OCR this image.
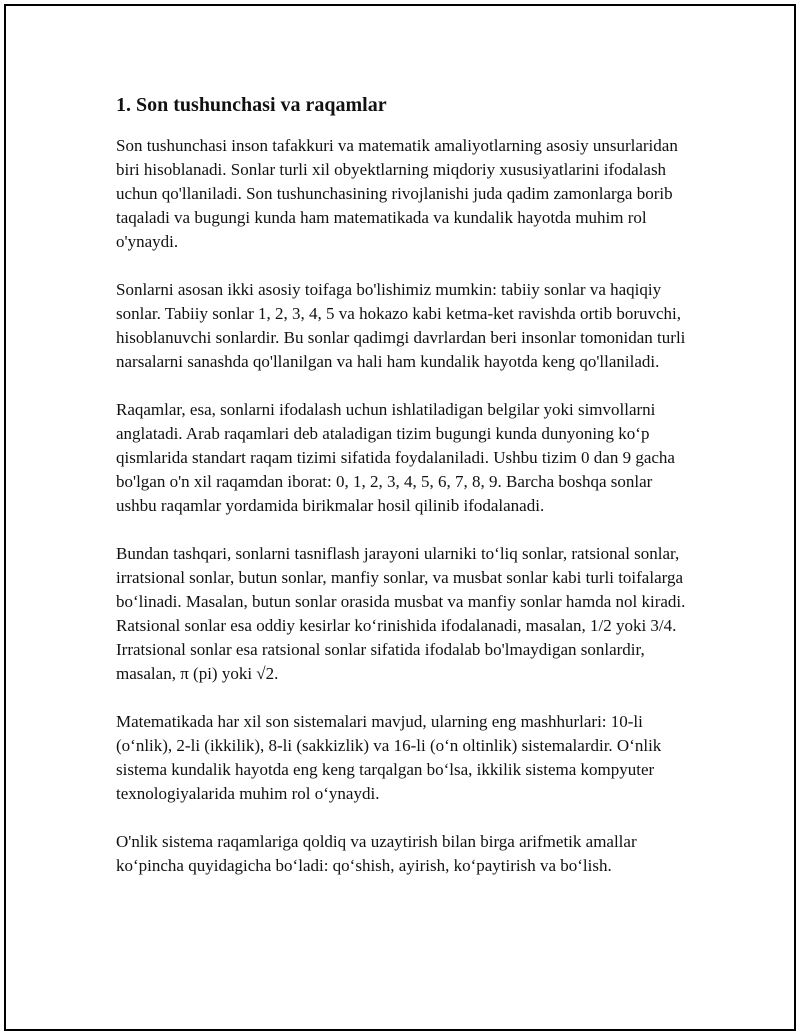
1. Son tushunchasi va raqamlar

Son tushunchasi inson tafakkuri va matematik amaliyotlarning asosiy unsurlaridan biri hisoblanadi. Sonlar turli xil obyektlarning miqdoriy xususiyatlarini ifodalash uchun qo'llaniladi. Son tushunchasining rivojlanishi juda qadim zamonlarga borib taqaladi va bugungi kunda ham matematikada va kundalik hayotda muhim rol o'ynaydi.

Sonlarni asosan ikki asosiy toifaga bo'lishimiz mumkin: tabiiy sonlar va haqiqiy sonlar. Tabiiy sonlar 1, 2, 3, 4, 5 va hokazo kabi ketma-ket ravishda ortib boruvchi, hisoblanuvchi sonlardir. Bu sonlar qadimgi davrlardan beri insonlar tomonidan turli narsalarni sanashda qo'llanilgan va hali ham kundalik hayotda keng qo'llaniladi.

Raqamlar, esa, sonlarni ifodalash uchun ishlatiladigan belgilar yoki simvollarni anglatadi. Arab raqamlari deb ataladigan tizim bugungi kunda dunyoning ko‘p qismlarida standart raqam tizimi sifatida foydalaniladi. Ushbu tizim 0 dan 9 gacha bo'lgan o'n xil raqamdan iborat: 0, 1, 2, 3, 4, 5, 6, 7, 8, 9. Barcha boshqa sonlar ushbu raqamlar yordamida birikmalar hosil qilinib ifodalanadi.

Bundan tashqari, sonlarni tasniflash jarayoni ularniki to‘liq sonlar, ratsional sonlar, irratsional sonlar, butun sonlar, manfiy sonlar, va musbat sonlar kabi turli toifalarga bo‘linadi. Masalan, butun sonlar orasida musbat va manfiy sonlar hamda nol kiradi. Ratsional sonlar esa oddiy kesirlar ko‘rinishida ifodalanadi, masalan, 1/2 yoki 3/4. Irratsional sonlar esa ratsional sonlar sifatida ifodalab bo'lmaydigan sonlardir, masalan, π (pi) yoki √2.

Matematikada har xil son sistemalari mavjud, ularning eng mashhurlari: 10-li (o‘nlik), 2-li (ikkilik), 8-li (sakkizlik) va 16-li (o‘n oltinlik) sistemalardir. O‘nlik sistema kundalik hayotda eng keng tarqalgan bo‘lsa, ikkilik sistema kompyuter texnologiyalarida muhim rol o‘ynaydi.

O'nlik sistema raqamlariga qoldiq va uzaytirish bilan birga arifmetik amallar ko‘pincha quyidagicha bo‘ladi: qo‘shish, ayirish, ko‘paytirish va bo‘lish.
